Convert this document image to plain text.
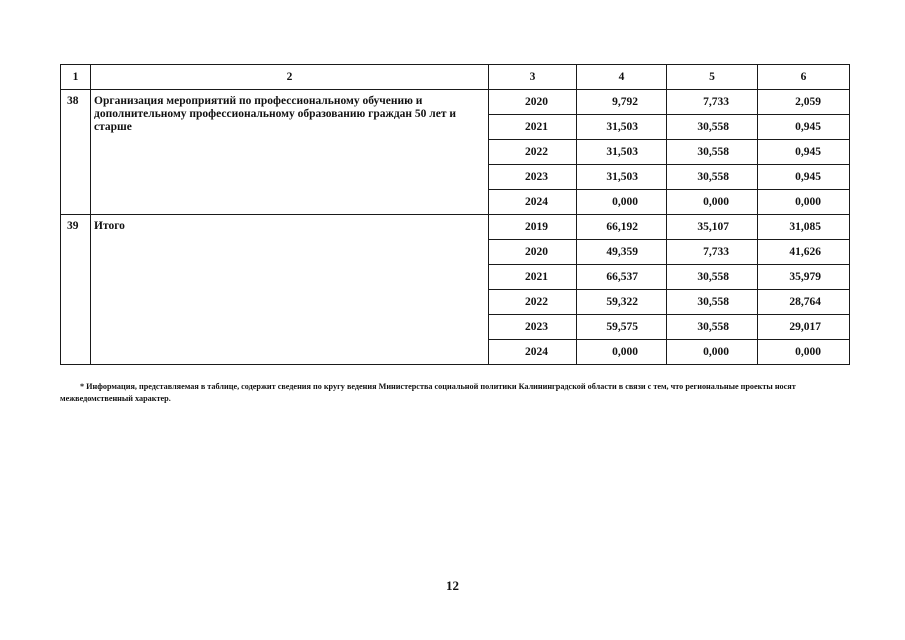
1	2	3	4	5	6
38	Организация мероприятий по профессиональному обучению и дополнительному профессиональному образованию граждан 50 лет и старше	2020	9,792	7,733	2,059
		2021	31,503	30,558	0,945
		2022	31,503	30,558	0,945
		2023	31,503	30,558	0,945
		2024	0,000	0,000	0,000
39	Итого	2019	66,192	35,107	31,085
		2020	49,359	7,733	41,626
		2021	66,537	30,558	35,979
		2022	59,322	30,558	28,764
		2023	59,575	30,558	29,017
		2024	0,000	0,000	0,000

* Информация, представляемая в таблице, содержит сведения по кругу ведения Министерства социальной политики Калининградской области в связи с тем, что региональные проекты носят межведомственный характер.

12
